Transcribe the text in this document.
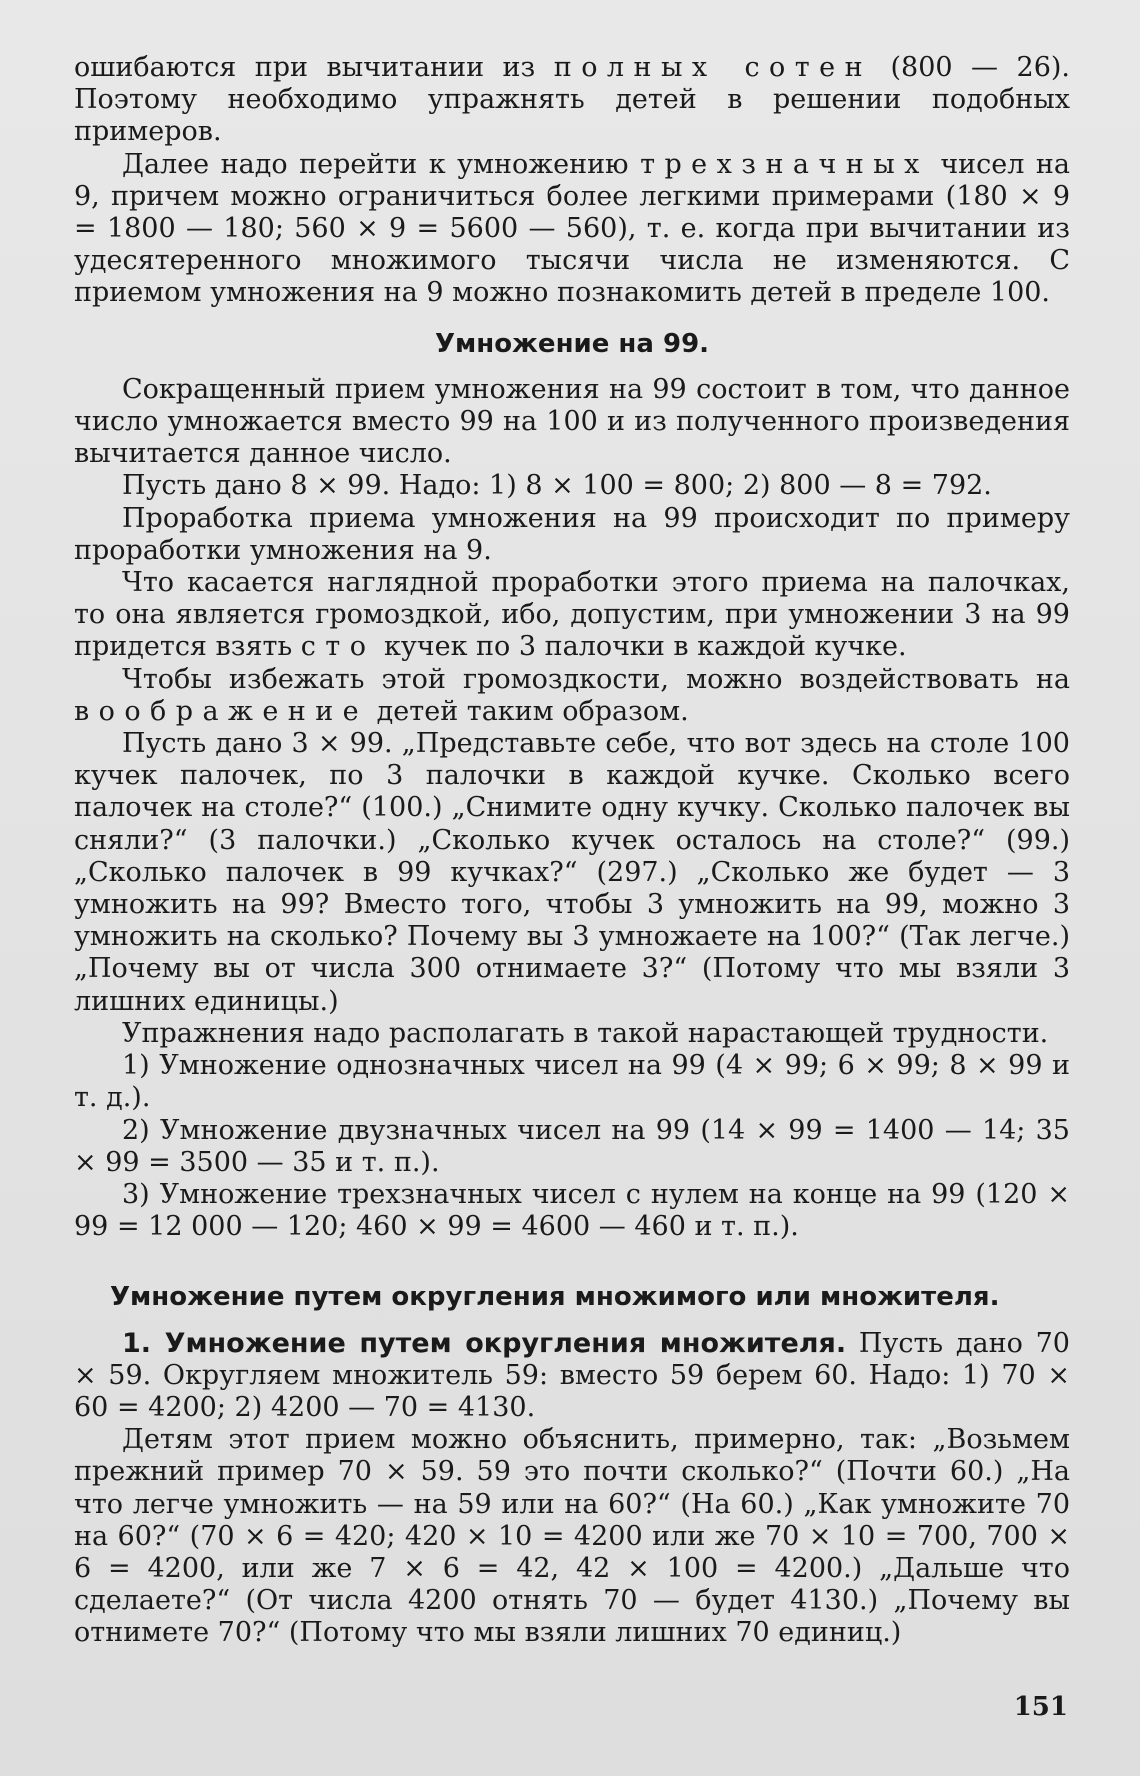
ошибаются при вычитании из полных сотен (800 — 26). Поэтому необходимо упражнять детей в решении подобных примеров.

Далее надо перейти к умножению трехзначных чисел на 9, причем можно ограничиться более легкими примерами (180 × 9 = 1800 — 180; 560 × 9 = 5600 — 560), т. е. когда при вычитании из удесятеренного множимого тысячи числа не изменяются. С приемом умножения на 9 можно познакомить детей в пределе 100.

Умножение на 99.

Сокращенный прием умножения на 99 состоит в том, что данное число умножается вместо 99 на 100 и из полученного произведения вычитается данное число.

Пусть дано 8 × 99. Надо: 1) 8 × 100 = 800; 2) 800 — 8 = 792.

Проработка приема умножения на 99 происходит по примеру проработки умножения на 9.

Что касается наглядной проработки этого приема на палочках, то она является громоздкой, ибо, допустим, при умножении 3 на 99 придется взять сто кучек по 3 палочки в каждой кучке.

Чтобы избежать этой громоздкости, можно воздействовать на воображение детей таким образом.

Пусть дано 3 × 99. „Представьте себе, что вот здесь на столе 100 кучек палочек, по 3 палочки в каждой кучке. Сколько всего палочек на столе?“ (100.) „Снимите одну кучку. Сколько палочек вы сняли?“ (3 палочки.) „Сколько кучек осталось на столе?“ (99.) „Сколько палочек в 99 кучках?“ (297.) „Сколько же будет — 3 умножить на 99? Вместо того, чтобы 3 умножить на 99, можно 3 умножить на сколько? Почему вы 3 умножаете на 100?“ (Так легче.) „Почему вы от числа 300 отнимаете 3?“ (Потому что мы взяли 3 лишних единицы.)

Упражнения надо располагать в такой нарастающей трудности.

1) Умножение однозначных чисел на 99 (4 × 99; 6 × 99; 8 × 99 и т. д.).

2) Умножение двузначных чисел на 99 (14 × 99 = 1400 — 14; 35 × 99 = 3500 — 35 и т. п.).

3) Умножение трехзначных чисел с нулем на конце на 99 (120 × 99 = 12 000 — 120; 460 × 99 = 4600 — 460 и т. п.).

Умножение путем округления множимого или множителя.

1. Умножение путем округления множителя. Пусть дано 70 × 59. Округляем множитель 59: вместо 59 берем 60. Надо: 1) 70 × 60 = 4200; 2) 4200 — 70 = 4130.

Детям этот прием можно объяснить, примерно, так: „Возьмем прежний пример 70 × 59. 59 это почти сколько?“ (Почти 60.) „На что легче умножить — на 59 или на 60?“ (На 60.) „Как умножите 70 на 60?“ (70 × 6 = 420; 420 × 10 = 4200 или же 70 × 10 = 700, 700 × 6 = 4200, или же 7 × 6 = 42, 42 × 100 = 4200.) „Дальше что сделаете?“ (От числа 4200 отнять 70 — будет 4130.) „Почему вы отнимете 70?“ (Потому что мы взяли лишних 70 единиц.)

151
